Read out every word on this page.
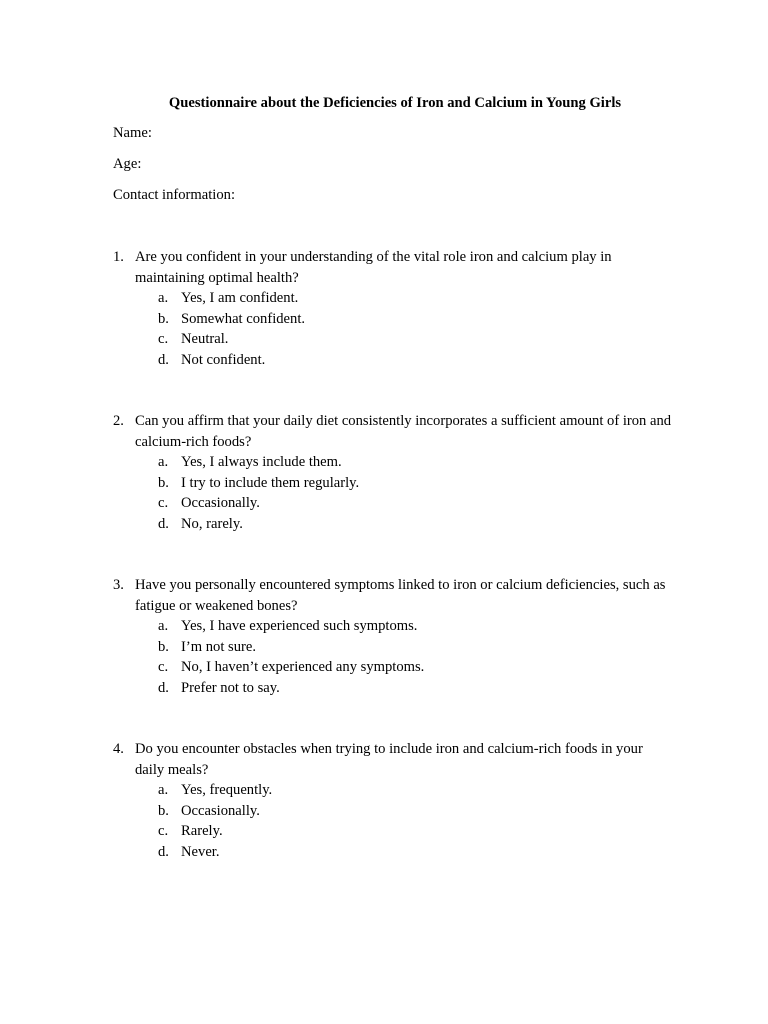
Questionnaire about the Deficiencies of Iron and Calcium in Young Girls
Name:
Age:
Contact information:
1. Are you confident in your understanding of the vital role iron and calcium play in maintaining optimal health?
a. Yes, I am confident.
b. Somewhat confident.
c. Neutral.
d. Not confident.
2. Can you affirm that your daily diet consistently incorporates a sufficient amount of iron and calcium-rich foods?
a. Yes, I always include them.
b. I try to include them regularly.
c. Occasionally.
d. No, rarely.
3. Have you personally encountered symptoms linked to iron or calcium deficiencies, such as fatigue or weakened bones?
a. Yes, I have experienced such symptoms.
b. I’m not sure.
c. No, I haven’t experienced any symptoms.
d. Prefer not to say.
4. Do you encounter obstacles when trying to include iron and calcium-rich foods in your daily meals?
a. Yes, frequently.
b. Occasionally.
c. Rarely.
d. Never.
